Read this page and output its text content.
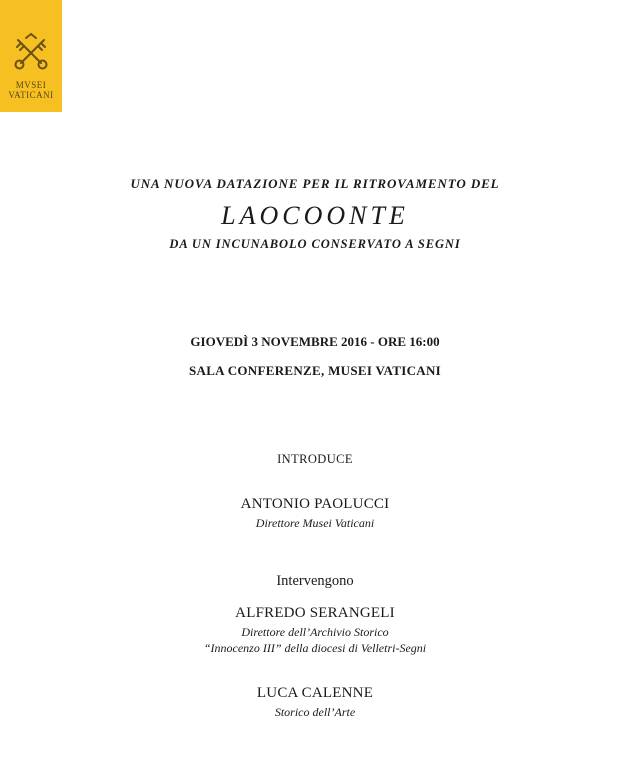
MVSEI
VATICANI
UNA NUOVA DATAZIONE PER IL RITROVAMENTO DEL
LAOCOONTE
DA UN INCUNABOLO CONSERVATO A SEGNI
GIOVEDÌ 3 NOVEMBRE 2016 - ORE 16:00
SALA CONFERENZE, MUSEI VATICANI
INTRODUCE
ANTONIO PAOLUCCI
Direttore Musei Vaticani
Intervengono
ALFREDO SERANGELI
Direttore dell’Archivio Storico
“Innocenzo III” della diocesi di Velletri-Segni
LUCA CALENNE
Storico dell’Arte
